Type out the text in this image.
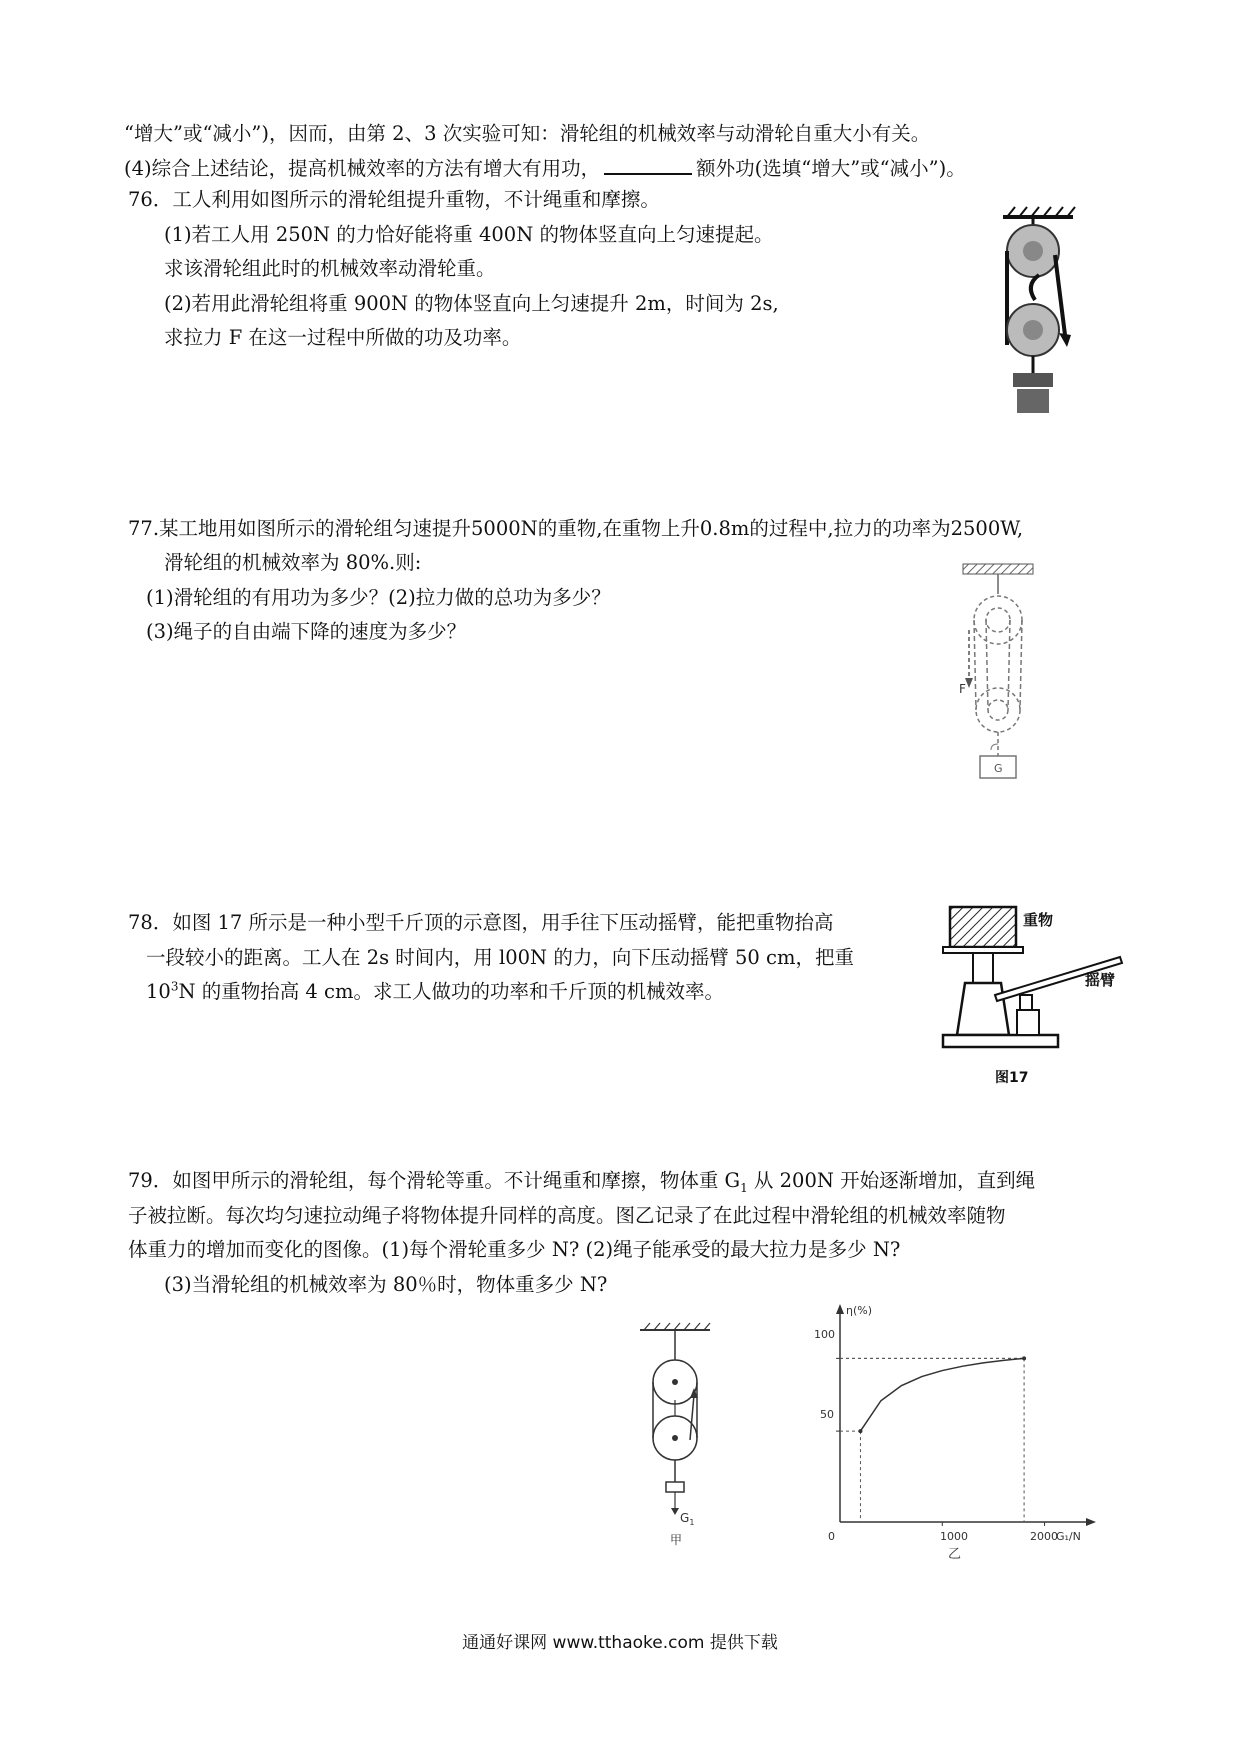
“增大”或“减小”)，因而，由第 2、3 次实验可知：滑轮组的机械效率与动滑轮自重大小有关。
(4)综合上述结论，提高机械效率的方法有增大有用功，	额外功(选填“增大”或“减小”)。
76．工人利用如图所示的滑轮组提升重物，不计绳重和摩擦。
(1)若工人用 250N 的力恰好能将重 400N 的物体竖直向上匀速提起。
求该滑轮组此时的机械效率动滑轮重。
(2)若用此滑轮组将重 900N 的物体竖直向上匀速提升 2m，时间为 2s,
求拉力 F 在这一过程中所做的功及功率。
77.某工地用如图所示的滑轮组匀速提升5000N的重物,在重物上升0.8m的过程中,拉力的功率为2500W,
滑轮组的机械效率为 80%.则:
(1)滑轮组的有用功为多少？(2)拉力做的总功为多少？
(3)绳子的自由端下降的速度为多少？
F
G
78．如图 17 所示是一种小型千斤顶的示意图，用手往下压动摇臂，能把重物抬高
一段较小的距离。工人在 2s 时间内，用 l00N 的力，向下压动摇臂 50 cm，把重
$10^3N$ 的重物抬高 4 cm。求工人做功的功率和千斤顶的机械效率。
重物
摇臂
图17
79．如图甲所示的滑轮组，每个滑轮等重。不计绳重和摩擦，物体重 $G_1$ 从 200N 开始逐渐增加，直到绳
子被拉断。每次均匀速拉动绳子将物体提升同样的高度。图乙记录了在此过程中滑轮组的机械效率随物
体重力的增加而变化的图像。(1)每个滑轮重多少 N? (2)绳子能承受的最大拉力是多少 N?
(3)当滑轮组的机械效率为 80％时，物体重多少 N?
$G_1$
甲
η(%)
G₁/N
100
50
0	1000	2000
乙
通通好课网 www.tthaoke.com 提供下载
